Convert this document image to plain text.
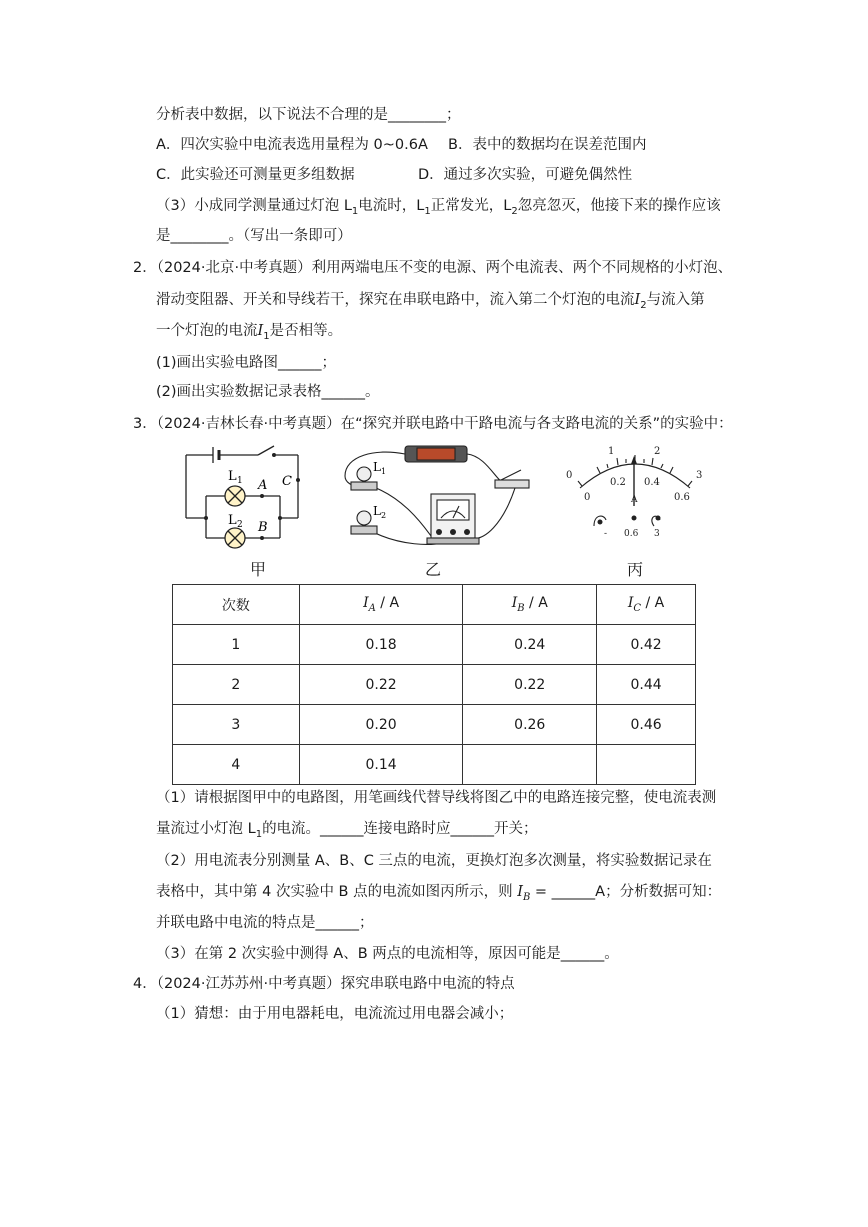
分析表中数据，以下说法不合理的是________；
A．四次实验中电流表选用量程为 0~0.6A B．表中的数据均在误差范围内
C．此实验还可测量更多组数据	D．通过多次实验，可避免偶然性
（3）小成同学测量通过灯泡 $L_1$电流时，$L_1$正常发光，$L_2$忽亮忽灭，他接下来的操作应该
是________。（写出一条即可）
2．（2024·北京·中考真题）利用两端电压不变的电源、两个电流表、两个不同规格的小灯泡、
滑动变阻器、开关和导线若干，探究在串联电路中，流入第二个灯泡的电流$I_2$与流入第
一个灯泡的电流$I_1$是否相等。
(1)画出实验电路图______；
(2)画出实验数据记录表格______。
3．（2024·吉林长春·中考真题）在“探究并联电路中干路电流与各支路电流的关系”的实验中：
L 1
L 2
A
B
C
甲
L 1
L 2
乙
0
1	2
3
0
0.2 0.4
0.6
A
- 0.6 3
丙
次数	$I_A$ / A	$I_B$ / A	$I_C$ / A
1	0.18	0.24	0.42
2	0.22	0.22	0.44
3	0.20	0.26	0.46
4	0.14		
（1）请根据图甲中的电路图，用笔画线代替导线将图乙中的电路连接完整，使电流表测
量流过小灯泡 $L_1$的电流。______连接电路时应______开关；
（2）用电流表分别测量 A、B、C 三点的电流，更换灯泡多次测量，将实验数据记录在
表格中，其中第 4 次实验中 B 点的电流如图丙所示，则 $I_B$ = ______A；分析数据可知：
并联电路中电流的特点是______；
（3）在第 2 次实验中测得 A、B 两点的电流相等，原因可能是______。
4．（2024·江苏苏州·中考真题）探究串联电路中电流的特点
（1）猜想：由于用电器耗电，电流流过用电器会减小；
